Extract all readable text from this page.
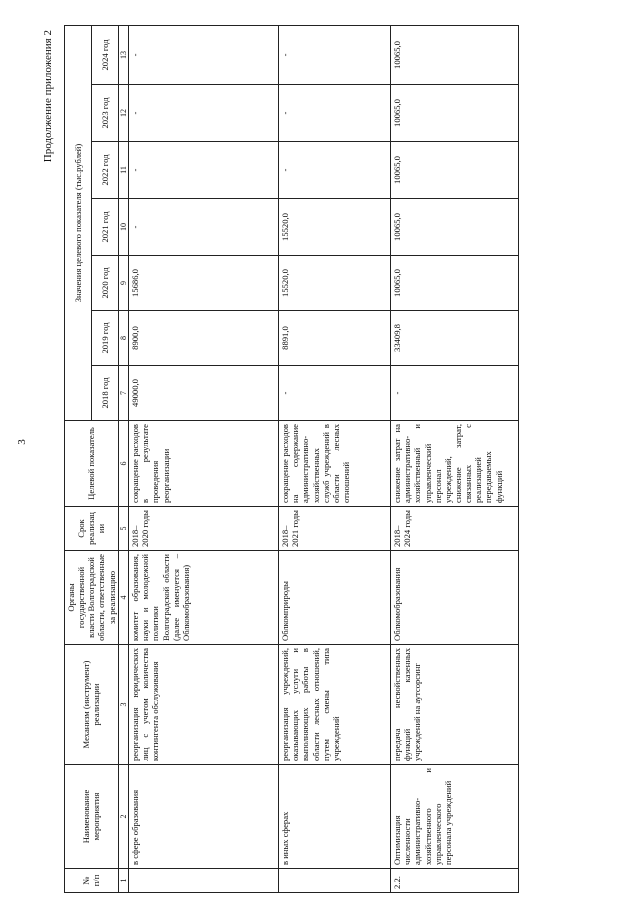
3
Продолжение приложения 2
№ п/п	Наименование мероприятия	Механизм (инструмент) реализации	Органы государственной власти Волгоградской области, ответственные за реализацию	Срок реализации	Целевой показатель	Значения целевого показателя (тыс.рублей)						
						2018 год	2019 год	2020 год	2021 год	2022 год	2023 год	2024 год
1	2	3	4	5	6	7	8	9	10	11	12	13
	в сфере образования	реорганизация юридических лиц с учетом количества контингента обслуживания	комитет образования, науки и молодежной политики Волгоградской области (далее именуется – Облкомобразования)	2018–2020 годы	сокращение расходов в результате проведения реорганизации	49000,0	8900,0	15686,0	-	-	-	-
	в иных сферах	реорганизация учреждений, оказывающих услуги и выполняющих работы в области лесных отношений, путем смены типа учреждений	Облкомприроды	2018–2021 годы	сокращение расходов на содержание административно-хозяйственных служб учреждений в области лесных отношений	-	8891,0	15520,0	15520,0	-	-	-
2.2.	Оптимизация численности административно-хозяйственного и управленческого персонала учреждений	передача несвойственных функций казенных учреждений на аутсорсинг	Облкомобразования	2018–2024 годы	снижение затрат на административно-хозяйственный и управленческий персонал учреждений, снижение затрат, связанных с реализацией передаваемых функций	-	33409,8	10065,0	10065,0	10065,0	10065,0	10065,0
